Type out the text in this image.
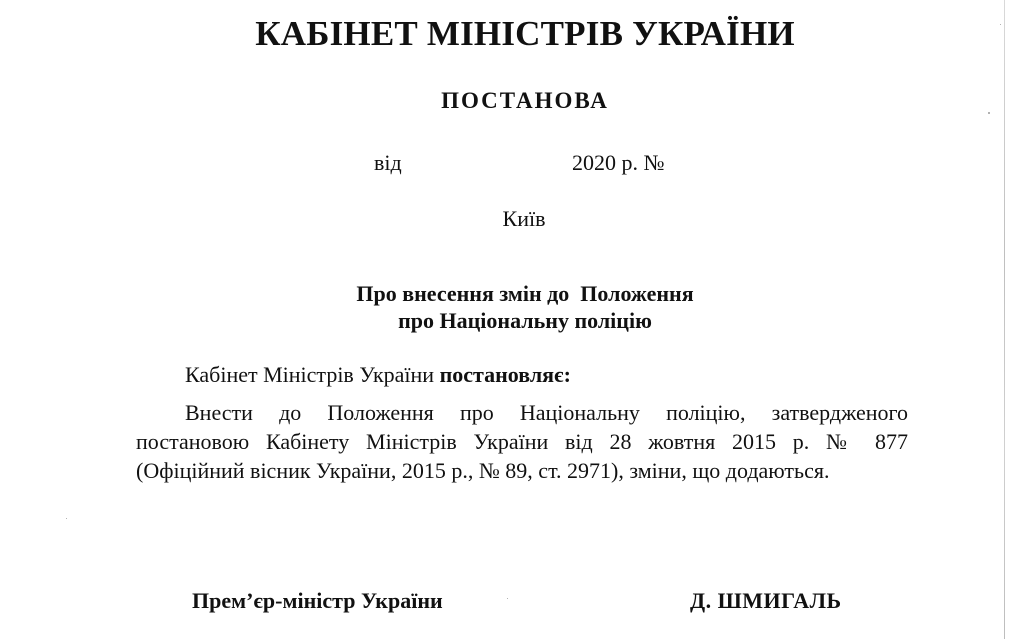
КАБІНЕТ МІНІСТРІВ УКРАЇНИ
ПОСТАНОВА
від	2020 р. №
Київ
Про внесення змін до  Положення
про Національну поліцію
Кабінет Міністрів України постановляє:
Внести до Положення про Національну поліцію, затвердженого
постановою Кабінету Міністрів України від 28 жовтня 2015 р. № 877
(Офіційний вісник України, 2015 р., № 89, ст. 2971), зміни, що додаються.
Прем’єр-міністр України	Д. ШМИГАЛЬ
